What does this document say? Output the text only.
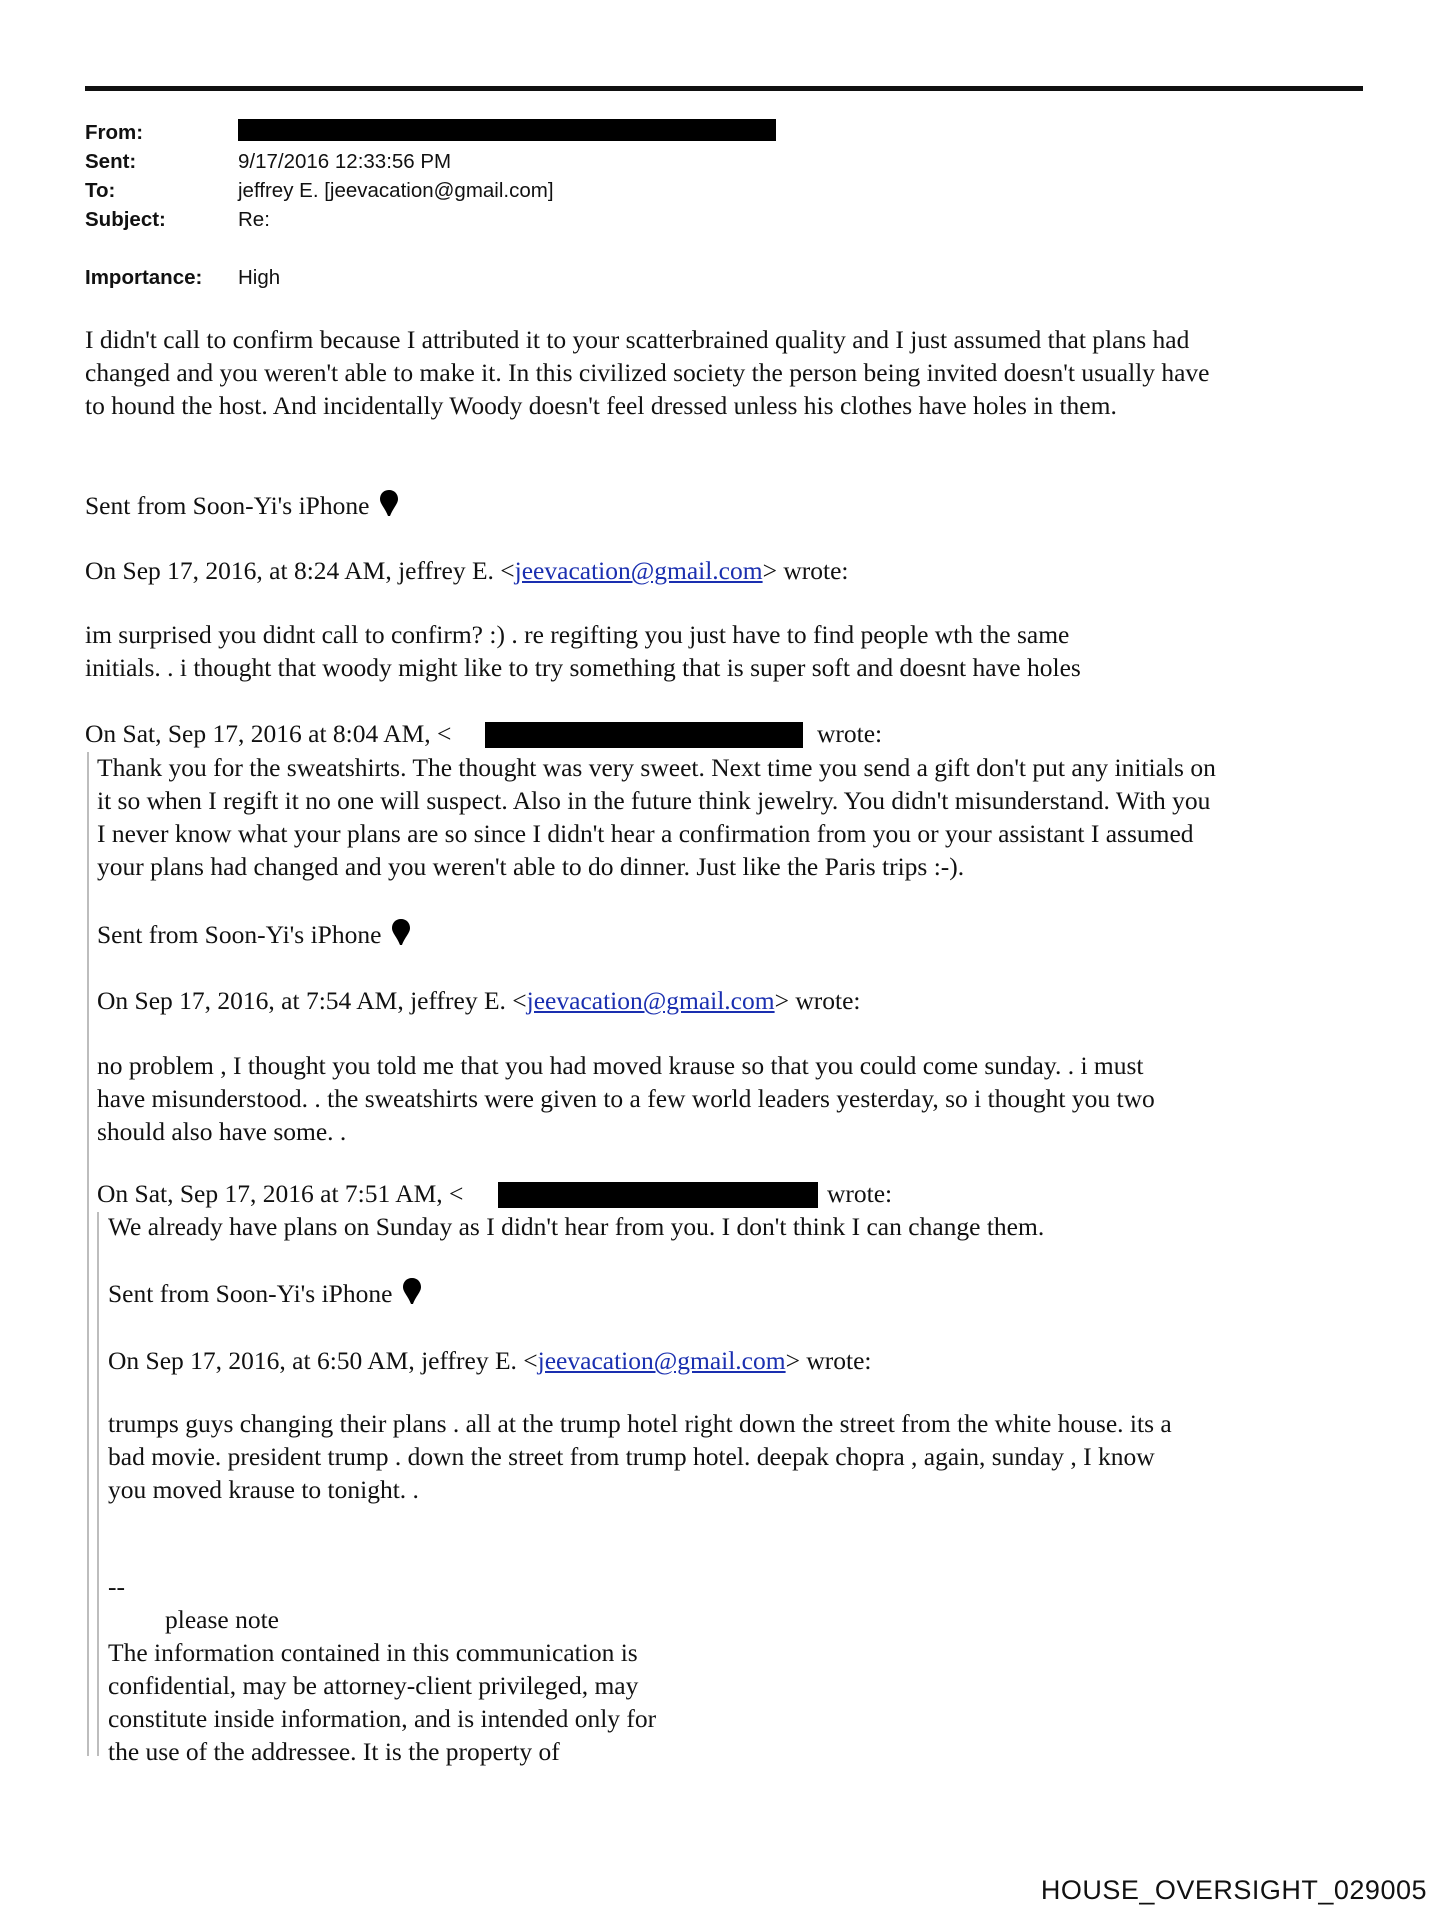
From:
Sent:	9/17/2016 12:33:56 PM
To:	jeffrey E. [jeevacation@gmail.com]
Subject:	Re:
Importance: High
I didn't call to confirm because I attributed it to your scatterbrained quality and I just assumed that plans had
changed and you weren't able to make it. In this civilized society the person being invited doesn't usually have
to hound the host. And incidentally Woody doesn't feel dressed unless his clothes have holes in them.
Sent from Soon-Yi's iPhone
On Sep 17, 2016, at 8:24 AM, jeffrey E. <jeevacation@gmail.com> wrote:
im surprised you didnt call to confirm? :) . re regifting you just have to find people wth the same
initials. . i thought that woody might like to try something that is super soft and doesnt have holes
On Sat, Sep 17, 2016 at 8:04 AM, <	wrote:
Thank you for the sweatshirts. The thought was very sweet. Next time you send a gift don't put any initials on
it so when I regift it no one will suspect. Also in the future think jewelry. You didn't misunderstand. With you
I never know what your plans are so since I didn't hear a confirmation from you or your assistant I assumed
your plans had changed and you weren't able to do dinner. Just like the Paris trips :-).
Sent from Soon-Yi's iPhone
On Sep 17, 2016, at 7:54 AM, jeffrey E. <jeevacation@gmail.com> wrote:
no problem , I thought you told me that you had moved krause so that you could come sunday. . i must
have misunderstood. . the sweatshirts were given to a few world leaders yesterday, so i thought you two
should also have some. .
On Sat, Sep 17, 2016 at 7:51 AM, <	wrote:
We already have plans on Sunday as I didn't hear from you. I don't think I can change them.
Sent from Soon-Yi's iPhone
On Sep 17, 2016, at 6:50 AM, jeffrey E. <jeevacation@gmail.com> wrote:
trumps guys changing their plans . all at the trump hotel right down the street from the white house. its a
bad movie. president trump . down the street from trump hotel. deepak chopra , again, sunday , I know
you moved krause to tonight. .
--
please note
The information contained in this communication is
confidential, may be attorney-client privileged, may
constitute inside information, and is intended only for
the use of the addressee. It is the property of
HOUSE_OVERSIGHT_029005
